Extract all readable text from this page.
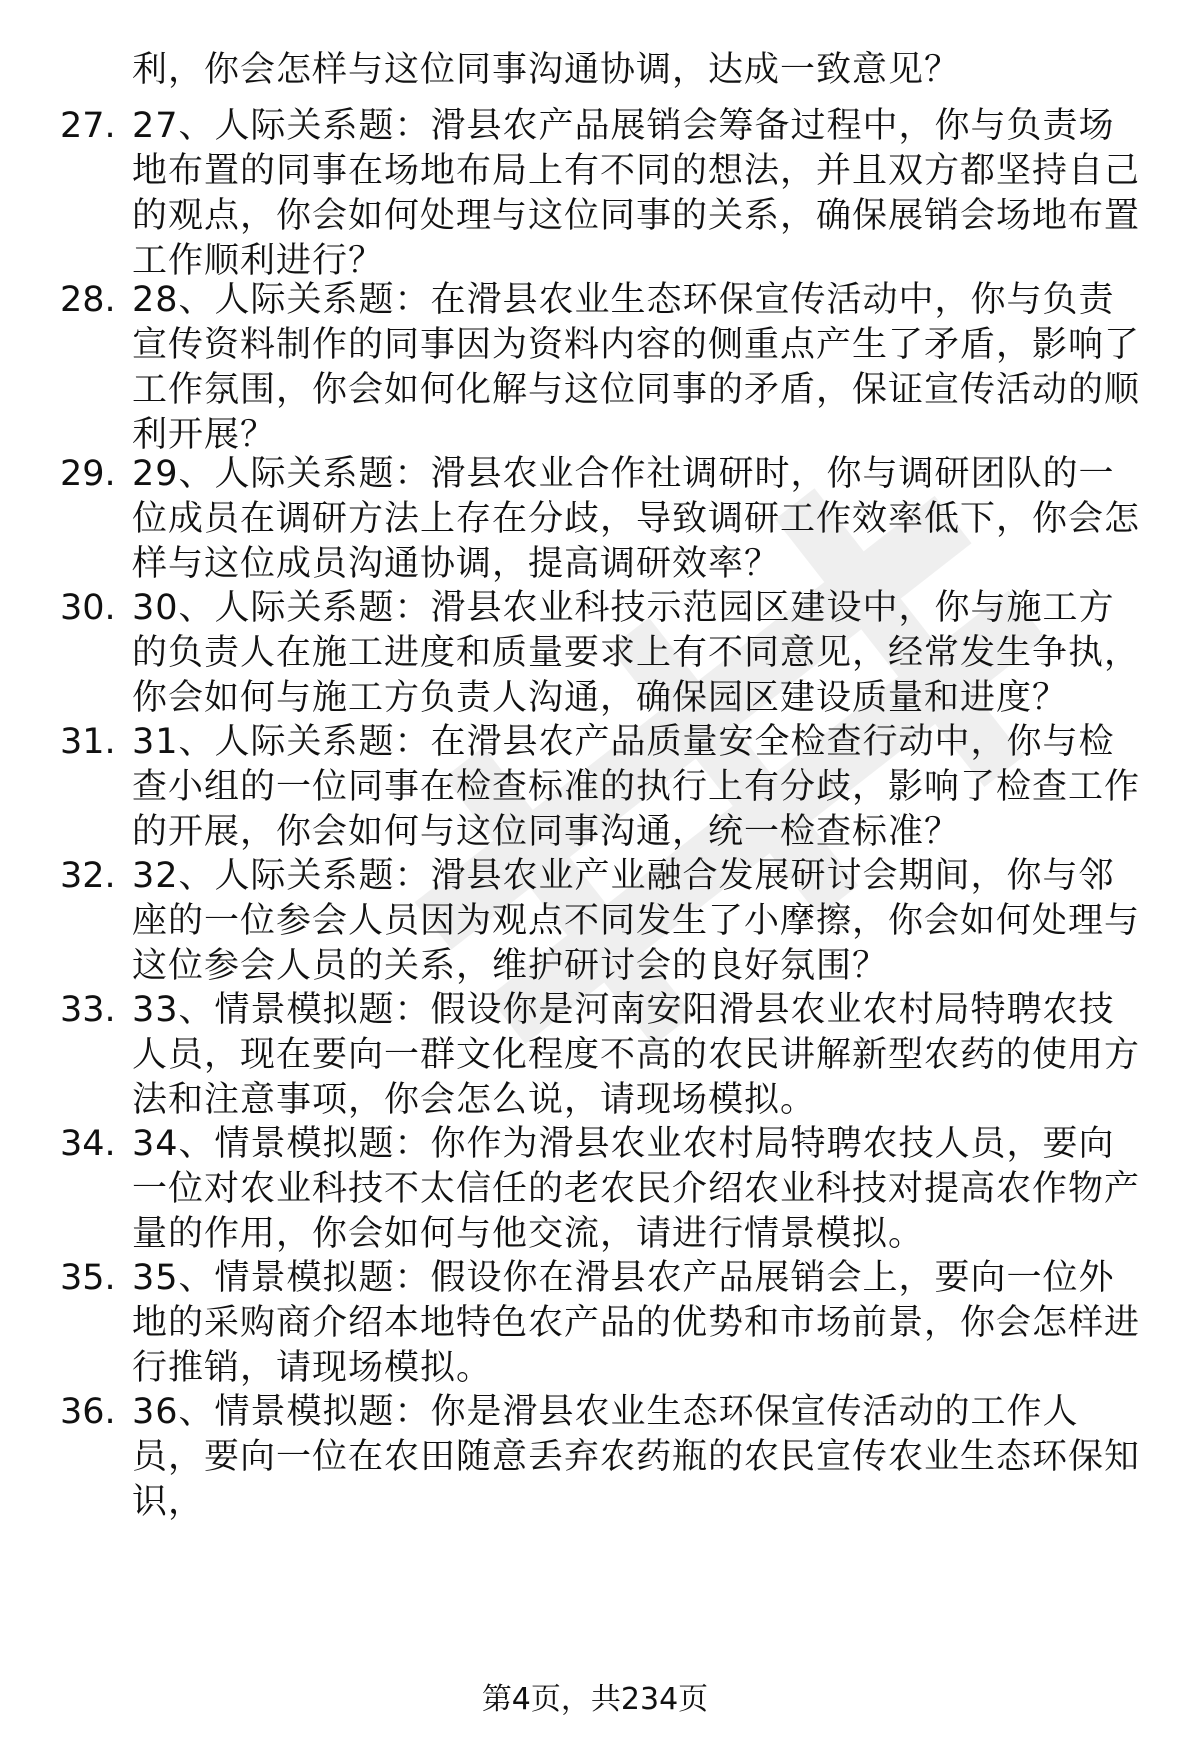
利，你会怎样与这位同事沟通协调，达成一致意见？
27. 27、人际关系题：滑县农产品展销会筹备过程中，你与负责场地布置的同事在场地布局上有不同的想法，并且双方都坚持自己的观点，你会如何处理与这位同事的关系，确保展销会场地布置工作顺利进行？
28. 28、人际关系题：在滑县农业生态环保宣传活动中，你与负责宣传资料制作的同事因为资料内容的侧重点产生了矛盾，影响了工作氛围，你会如何化解与这位同事的矛盾，保证宣传活动的顺利开展？
29. 29、人际关系题：滑县农业合作社调研时，你与调研团队的一位成员在调研方法上存在分歧，导致调研工作效率低下，你会怎样与这位成员沟通协调，提高调研效率？
30. 30、人际关系题：滑县农业科技示范园区建设中，你与施工方的负责人在施工进度和质量要求上有不同意见，经常发生争执，你会如何与施工方负责人沟通，确保园区建设质量和进度？
31. 31、人际关系题：在滑县农产品质量安全检查行动中，你与检查小组的一位同事在检查标准的执行上有分歧，影响了检查工作的开展，你会如何与这位同事沟通，统一检查标准？
32. 32、人际关系题：滑县农业产业融合发展研讨会期间，你与邻座的一位参会人员因为观点不同发生了小摩擦，你会如何处理与这位参会人员的关系，维护研讨会的良好氛围？
33. 33、情景模拟题：假设你是河南安阳滑县农业农村局特聘农技人员，现在要向一群文化程度不高的农民讲解新型农药的使用方法和注意事项，你会怎么说，请现场模拟。
34. 34、情景模拟题：你作为滑县农业农村局特聘农技人员，要向一位对农业科技不太信任的老农民介绍农业科技对提高农作物产量的作用，你会如何与他交流，请进行情景模拟。
35. 35、情景模拟题：假设你在滑县农产品展销会上，要向一位外地的采购商介绍本地特色农产品的优势和市场前景，你会怎样进行推销，请现场模拟。
36. 36、情景模拟题：你是滑县农业生态环保宣传活动的工作人员，要向一位在农田随意丢弃农药瓶的农民宣传农业生态环保知识，
第4页，共234页
